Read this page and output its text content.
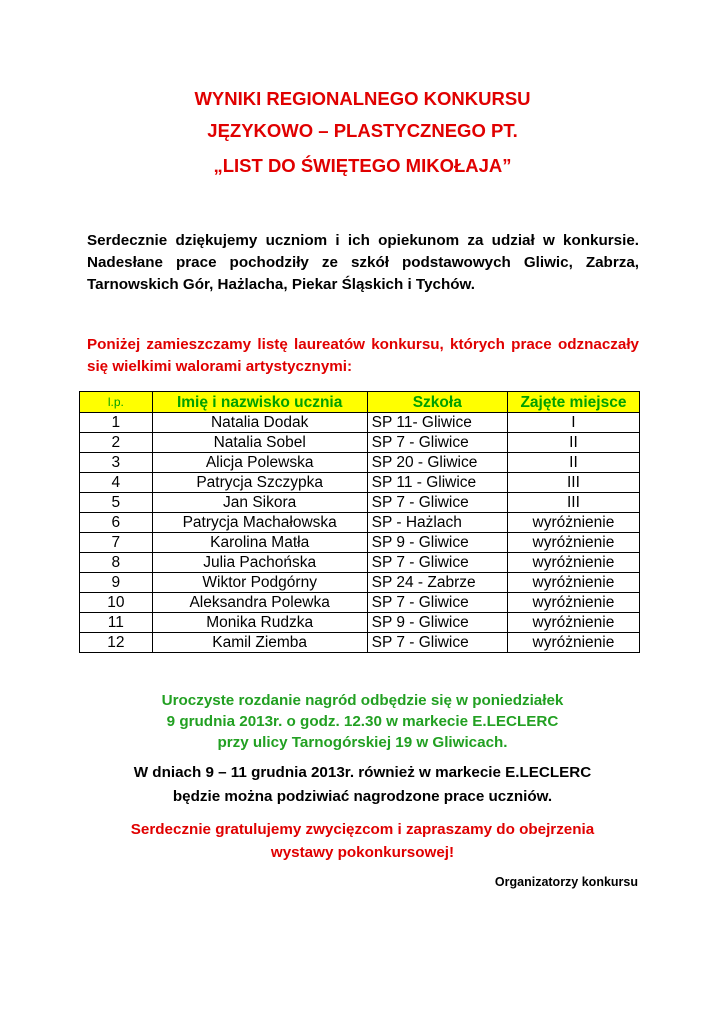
WYNIKI REGIONALNEGO KONKURSU
JĘZYKOWO – PLASTYCZNEGO PT.
„LIST DO ŚWIĘTEGO MIKOŁAJA”
Serdecznie dziękujemy uczniom i ich opiekunom za udział w konkursie. Nadesłane prace pochodziły ze szkół podstawowych Gliwic, Zabrza, Tarnowskich Gór, Hażlacha, Piekar Śląskich i Tychów.
Poniżej zamieszczamy listę laureatów konkursu, których prace odznaczały się wielkimi walorami artystycznymi:
l.p.	Imię i nazwisko ucznia	Szkoła	Zajęte miejsce
1	Natalia Dodak	SP 11- Gliwice	I
2	Natalia Sobel	SP 7 - Gliwice	II
3	Alicja Polewska	SP 20 - Gliwice	II
4	Patrycja Szczypka	SP 11 - Gliwice	III
5	Jan Sikora	SP 7 - Gliwice	III
6	Patrycja Machałowska	SP - Hażlach	wyróżnienie
7	Karolina Matła	SP 9 - Gliwice	wyróżnienie
8	Julia Pachońska	SP 7 - Gliwice	wyróżnienie
9	Wiktor Podgórny	SP 24 - Zabrze	wyróżnienie
10	Aleksandra Polewka	SP 7 - Gliwice	wyróżnienie
11	Monika Rudzka	SP 9 - Gliwice	wyróżnienie
12	Kamil Ziemba	SP 7 - Gliwice	wyróżnienie
Uroczyste rozdanie nagród odbędzie się w poniedziałek
9 grudnia 2013r. o godz. 12.30 w markecie E.LECLERC
przy ulicy Tarnogórskiej 19 w Gliwicach.
W dniach 9 – 11 grudnia 2013r. również w markecie E.LECLERC
będzie można podziwiać nagrodzone prace uczniów.
Serdecznie gratulujemy zwycięzcom i zapraszamy do obejrzenia
wystawy pokonkursowej!
Organizatorzy konkursu
